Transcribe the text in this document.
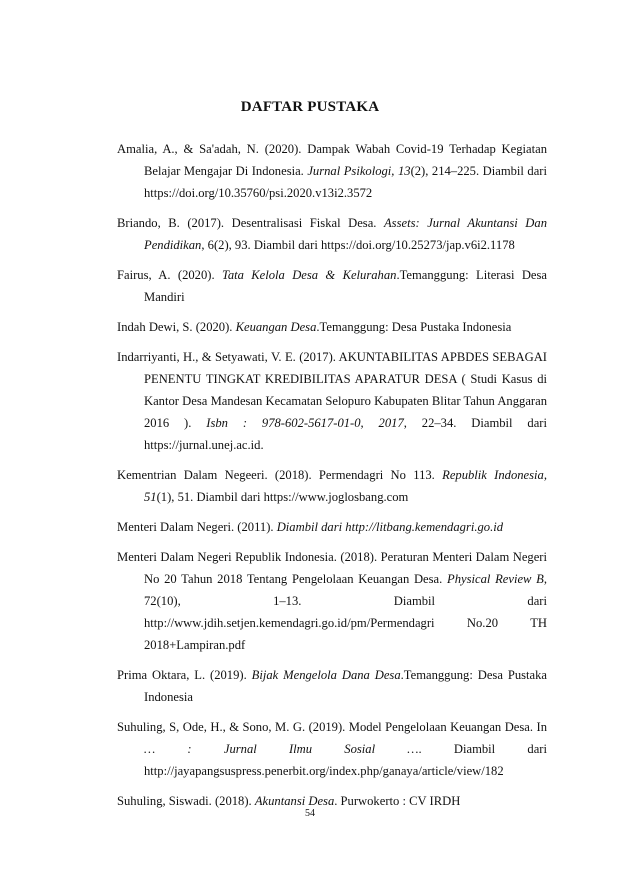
DAFTAR PUSTAKA

Amalia, A., & Sa'adah, N. (2020). Dampak Wabah Covid-19 Terhadap Kegiatan Belajar Mengajar Di Indonesia. Jurnal Psikologi, 13(2), 214–225. Diambil dari https://doi.org/10.35760/psi.2020.v13i2.3572

Briando, B. (2017). Desentralisasi Fiskal Desa. Assets: Jurnal Akuntansi Dan Pendidikan, 6(2), 93. Diambil dari https://doi.org/10.25273/jap.v6i2.1178

Fairus, A. (2020). Tata Kelola Desa & Kelurahan.Temanggung: Literasi Desa Mandiri

Indah Dewi, S. (2020). Keuangan Desa.Temanggung: Desa Pustaka Indonesia

Indarriyanti, H., & Setyawati, V. E. (2017). AKUNTABILITAS APBDES SEBAGAI PENENTU TINGKAT KREDIBILITAS APARATUR DESA ( Studi Kasus di Kantor Desa Mandesan Kecamatan Selopuro Kabupaten Blitar Tahun Anggaran 2016 ). Isbn : 978-602-5617-01-0, 2017, 22–34. Diambil dari https://jurnal.unej.ac.id.

Kementrian Dalam Negeeri. (2018). Permendagri No 113. Republik Indonesia, 51(1), 51. Diambil dari https://www.joglosbang.com

Menteri Dalam Negeri. (2011). Diambil dari http://litbang.kemendagri.go.id

Menteri Dalam Negeri Republik Indonesia. (2018). Peraturan Menteri Dalam Negeri No 20 Tahun 2018 Tentang Pengelolaan Keuangan Desa. Physical Review B, 72(10), 1–13. Diambil dari http://www.jdih.setjen.kemendagri.go.id/pm/Permendagri No.20 TH 2018+Lampiran.pdf

Prima Oktara, L. (2019). Bijak Mengelola Dana Desa.Temanggung: Desa Pustaka Indonesia

Suhuling, S, Ode, H., & Sono, M. G. (2019). Model Pengelolaan Keuangan Desa. In … : Jurnal Ilmu Sosial …. Diambil dari http://jayapangsuspress.penerbit.org/index.php/ganaya/article/view/182

Suhuling, Siswadi. (2018). Akuntansi Desa. Purwokerto : CV IRDH

54
